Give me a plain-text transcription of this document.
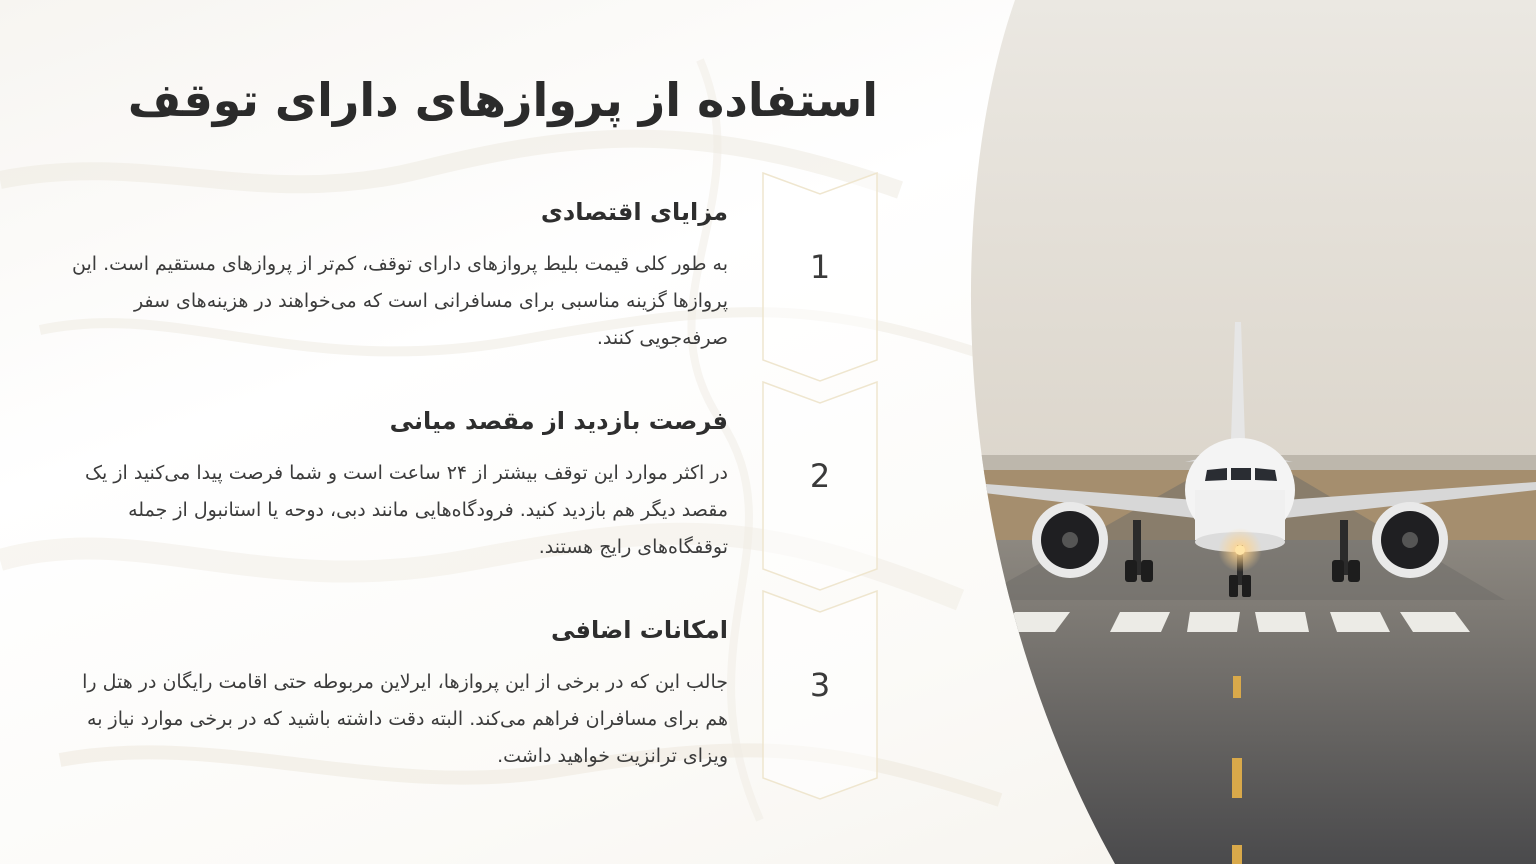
استفاده از پروازهای دارای توقف
1
2
3
مزایای اقتصادی

به طور کلی قیمت بلیط پروازهای دارای توقف، کم‌تر از پروازهای مستقیم است. این پروازها گزینه مناسبی برای مسافرانی است که می‌خواهند در هزینه‌های سفر صرفه‌جویی کنند.

فرصت بازدید از مقصد میانی

در اکثر موارد این توقف بیشتر از ۲۴ ساعت است و شما فرصت پیدا می‌کنید از یک مقصد دیگر هم بازدید کنید. فرودگاه‌هایی مانند دبی، دوحه یا استانبول از جمله توقفگاه‌های رایج هستند.

امکانات اضافی

جالب این که در برخی از این پروازها، ایرلاین مربوطه حتی اقامت رایگان در هتل را هم برای مسافران فراهم می‌کند. البته دقت داشته باشید که در برخی موارد نیاز به ویزای ترانزیت خواهید داشت.
